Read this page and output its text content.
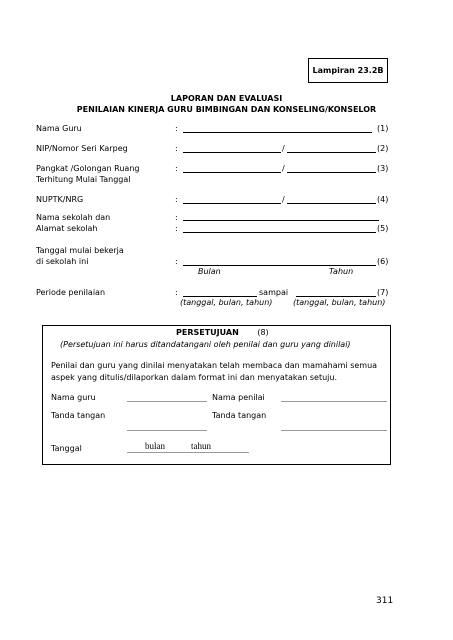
Lampiran 23.2B
LAPORAN DAN EVALUASI
PENILAIAN KINERJA GURU BIMBINGAN DAN KONSELING/KONSELOR
Nama Guru	:	(1)
NIP/Nomor Seri Karpeg	:	/	(2)
Pangkat /Golongan Ruang
Terhitung Mulai Tanggal
:	/	(3)
NUPTK/NRG	:	/	(4)
Nama sekolah dan
Alamat sekolah
:
:	(5)
Tanggal mulai bekerja
di sekolah ini	:	(6)
Bulan	Tahun
Periode penilaian	:	sampai	(7)
(tanggal, bulan, tahun)	(tanggal, bulan, tahun)
PERSETUJUAN (8)
(Persetujuan ini harus ditandatangani oleh penilai dan guru yang dinilai)
Penilai dan guru yang dinilai menyatakan telah membaca dan mamahami semua
aspek yang ditulis/dilaporkan dalam format ini dan menyatakan setuju.
Nama guru	Nama penilai
Tanda tangan	Tanda tangan
Tanggal	bulan	tahun
311
